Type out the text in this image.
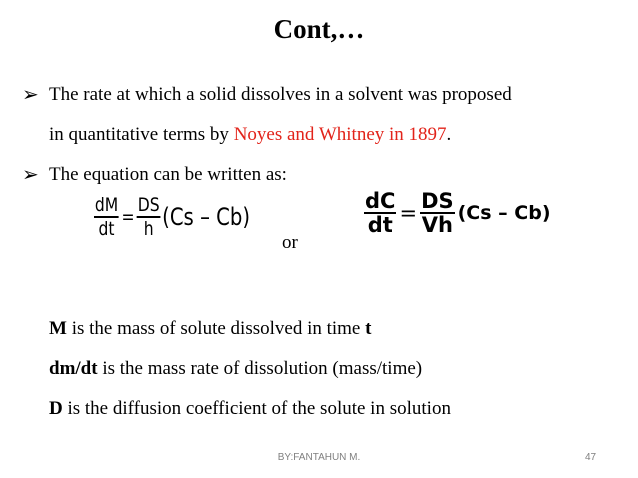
Cont,…
➢ The rate at which a solid dissolves in a solvent was proposed
in quantitative terms by Noyes and Whitney in 1897.
➢ The equation can be written as:
$\frac{dM}{dt} = \frac{DS}{h} (Cs - Cb)$
or
$\frac{dC}{dt} = \frac{DS}{Vh} (Cs - Cb)$
M is the mass of solute dissolved in time t
dm/dt is the mass rate of dissolution (mass/time)
D is the diffusion coefficient of the solute in solution
BY:FANTAHUN M.	47
